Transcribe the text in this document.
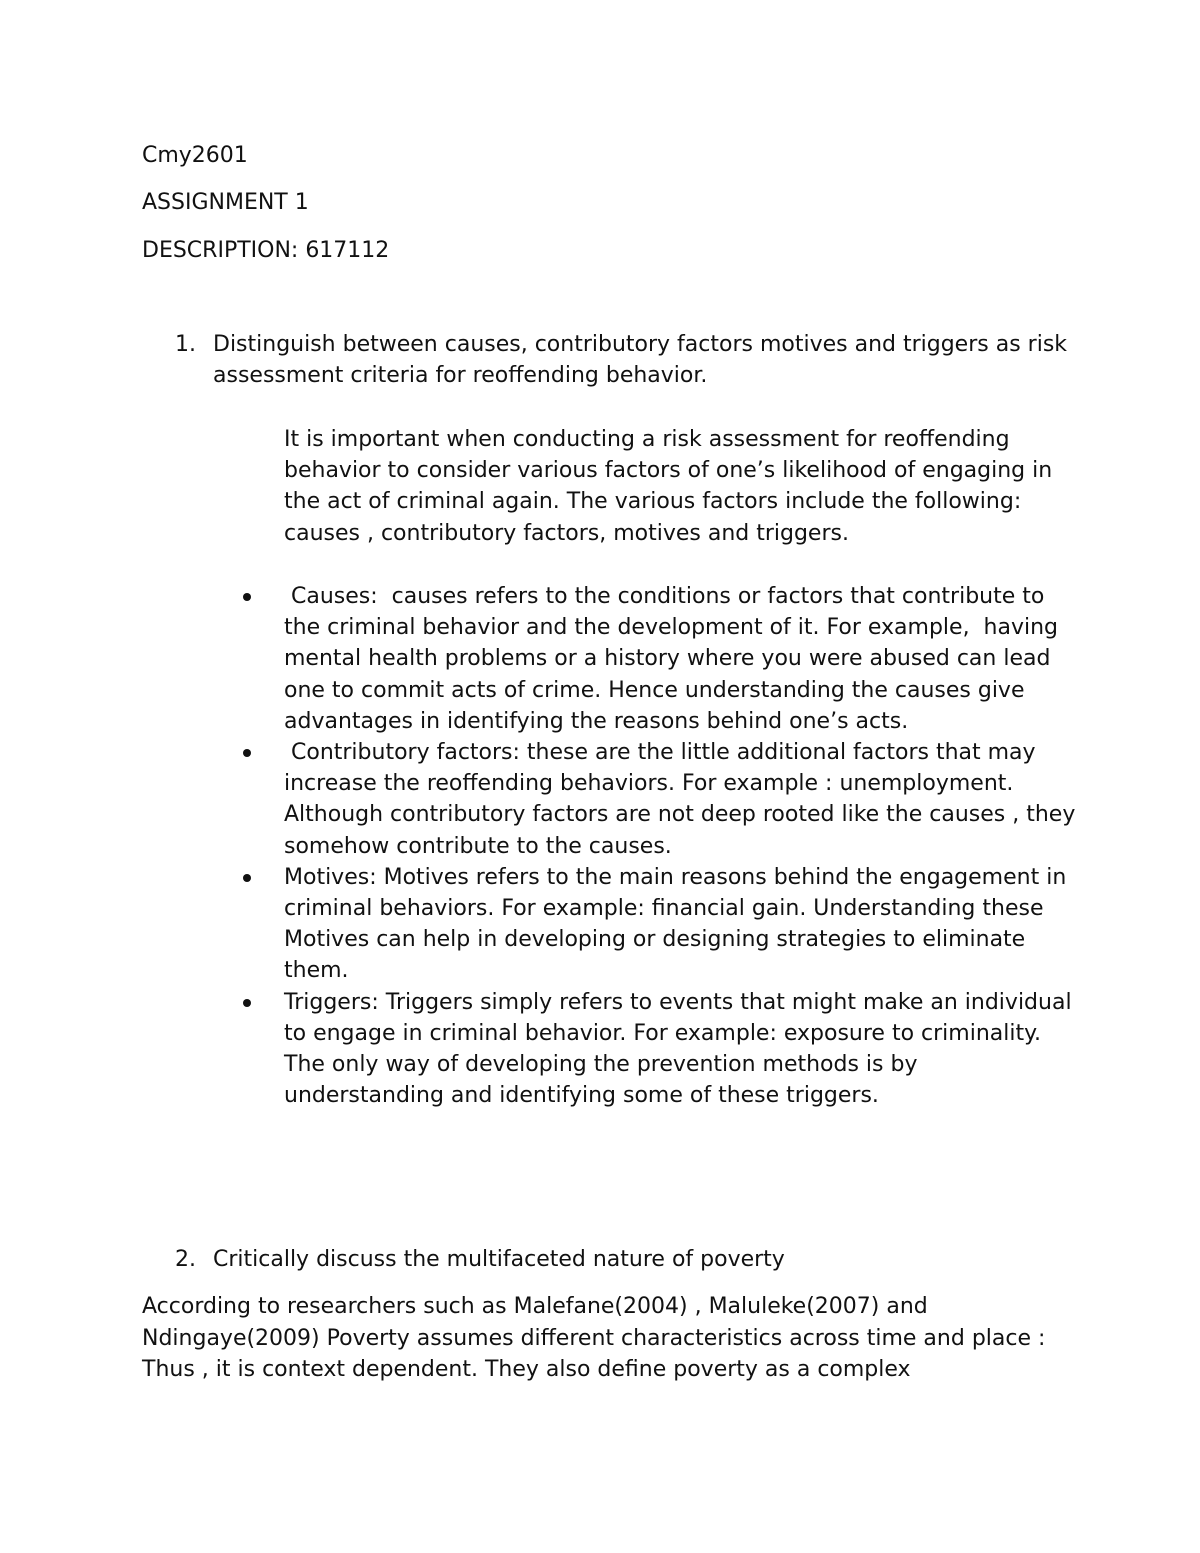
Cmy2601
ASSIGNMENT 1
DESCRIPTION: 617112
1. Distinguish between causes, contributory factors motives and triggers as risk assessment criteria for reoffending behavior.
It is important when conducting a risk assessment for reoffending behavior to consider various factors of one’s likelihood of engaging in the act of criminal again. The various factors include the following: causes , contributory factors, motives and triggers.
Causes:  causes refers to the conditions or factors that contribute to the criminal behavior and the development of it. For example,  having mental health problems or a history where you were abused can lead one to commit acts of crime. Hence understanding the causes give advantages in identifying the reasons behind one’s acts.
Contributory factors: these are the little additional factors that may increase the reoffending behaviors. For example : unemployment. Although contributory factors are not deep rooted like the causes , they somehow contribute to the causes.
Motives: Motives refers to the main reasons behind the engagement in criminal behaviors. For example: financial gain. Understanding these Motives can help in developing or designing strategies to eliminate them.
Triggers: Triggers simply refers to events that might make an individual to engage in criminal behavior. For example: exposure to criminality. The only way of developing the prevention methods is by understanding and identifying some of these triggers.
2. Critically discuss the multifaceted nature of poverty
According to researchers such as Malefane(2004) , Maluleke(2007) and Ndingaye(2009) Poverty assumes different characteristics across time and place : Thus , it is context dependent. They also define poverty as a complex
